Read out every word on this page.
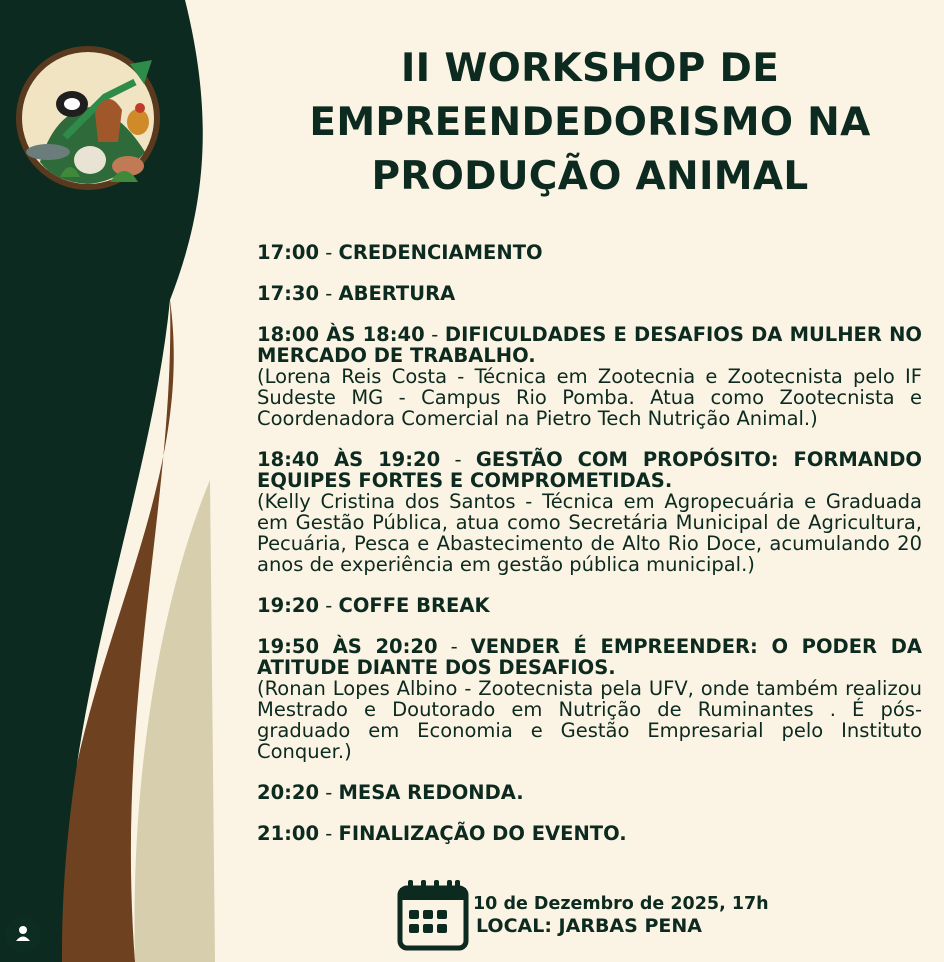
II WORKSHOP DE
EMPREENDEDORISMO NA
PRODUÇÃO ANIMAL
17:00 - CREDENCIAMENTO
17:30 - ABERTURA
18:00 ÀS 18:40 - DIFICULDADES E DESAFIOS DA MULHER NO MERCADO DE TRABALHO.
(Lorena Reis Costa - Técnica em Zootecnia e Zootecnista pelo IF Sudeste MG - Campus Rio Pomba. Atua como Zootecnista e Coordenadora Comercial na Pietro Tech Nutrição Animal.)
18:40 ÀS 19:20 - GESTÃO COM PROPÓSITO: FORMANDO EQUIPES FORTES E COMPROMETIDAS.
(Kelly Cristina dos Santos - Técnica em Agropecuária e Graduada em Gestão Pública, atua como Secretária Municipal de Agricultura, Pecuária, Pesca e Abastecimento de Alto Rio Doce, acumulando 20 anos de experiência em gestão pública municipal.)
19:20 - COFFE BREAK
19:50 ÀS 20:20 - VENDER É EMPREENDER: O PODER DA ATITUDE DIANTE DOS DESAFIOS.
(Ronan Lopes Albino - Zootecnista pela UFV, onde também realizou Mestrado e Doutorado em Nutrição de Ruminantes . É pós-graduado em Economia e Gestão Empresarial pelo Instituto Conquer.)
20:20 - MESA REDONDA.
21:00 - FINALIZAÇÃO DO EVENTO.
10 de Dezembro de 2025, 17h
LOCAL: JARBAS PENA
